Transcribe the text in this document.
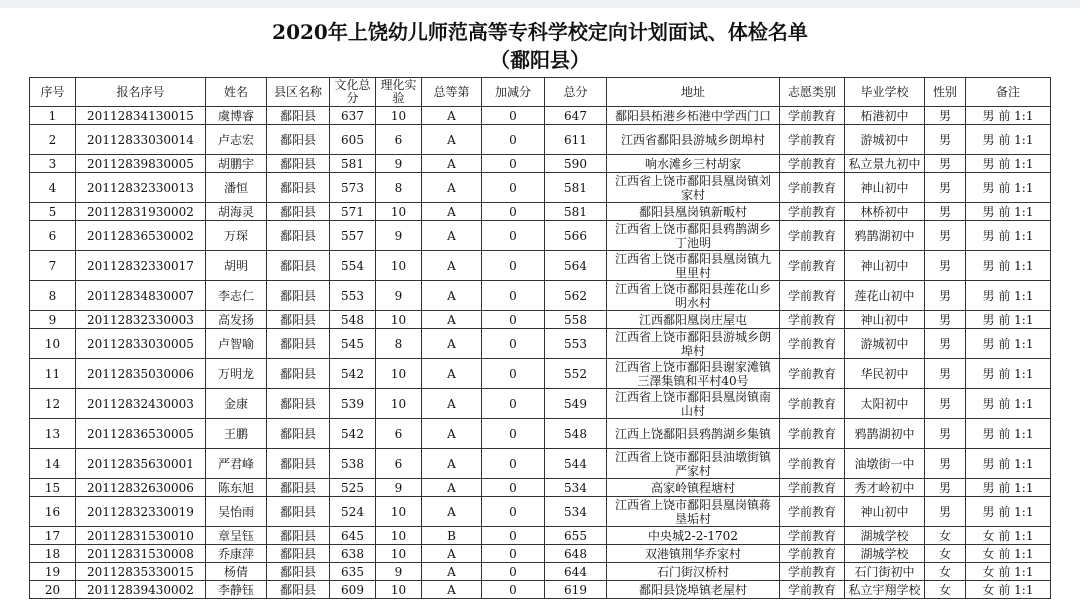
2020年上饶幼儿师范高等专科学校定向计划面试、体检名单
（鄱阳县）
序号	报名序号	姓名	县区名称	文化总分	理化实验	总等第	加减分	总分	地址	志愿类别	毕业学校	性别	备注
1	20112834130015	虞博睿	鄱阳县	637	10	A	0	647	鄱阳县柘港乡柘港中学西门口	学前教育	柘港初中	男	男 前 1:1
2	20112833030014	卢志宏	鄱阳县	605	6	A	0	611	江西省鄱阳县游城乡朗埠村	学前教育	游城初中	男	男 前 1:1
3	20112839830005	胡鹏宇	鄱阳县	581	9	A	0	590	响水滩乡三村胡家	学前教育	私立景九初中	男	男 前 1:1
4	20112832330013	潘恒	鄱阳县	573	8	A	0	581	江西省上饶市鄱阳县凰岗镇刘家村	学前教育	神山初中	男	男 前 1:1
5	20112831930002	胡海灵	鄱阳县	571	10	A	0	581	鄱阳县凰岗镇新畈村	学前教育	林桥初中	男	男 前 1:1
6	20112836530002	万琛	鄱阳县	557	9	A	0	566	江西省上饶市鄱阳县鸦鹊湖乡丁池明	学前教育	鸦鹊湖初中	男	男 前 1:1
7	20112832330017	胡明	鄱阳县	554	10	A	0	564	江西省上饶市鄱阳县凰岗镇九里里村	学前教育	神山初中	男	男 前 1:1
8	20112834830007	李志仁	鄱阳县	553	9	A	0	562	江西省上饶市鄱阳县莲花山乡明水村	学前教育	莲花山初中	男	男 前 1:1
9	20112832330003	高发扬	鄱阳县	548	10	A	0	558	江西鄱阳凰岗庄屋屯	学前教育	神山初中	男	男 前 1:1
10	20112833030005	卢智喻	鄱阳县	545	8	A	0	553	江西省上饶市鄱阳县游城乡朗埠村	学前教育	游城初中	男	男 前 1:1
11	20112835030006	万明龙	鄱阳县	542	10	A	0	552	江西省上饶市鄱阳县谢家滩镇三澤集镇和平村40号	学前教育	华民初中	男	男 前 1:1
12	20112832430003	金康	鄱阳县	539	10	A	0	549	江西省上饶市鄱阳县凰岗镇南山村	学前教育	太阳初中	男	男 前 1:1
13	20112836530005	王鹏	鄱阳县	542	6	A	0	548	江西上饶鄱阳县鸦鹊湖乡集镇	学前教育	鸦鹊湖初中	男	男 前 1:1
14	20112835630001	严君峰	鄱阳县	538	6	A	0	544	江西省上饶市鄱阳县油墩街镇严家村	学前教育	油墩街一中	男	男 前 1:1
15	20112832630006	陈东旭	鄱阳县	525	9	A	0	534	高家岭镇程塘村	学前教育	秀才岭初中	男	男 前 1:1
16	20112832330019	吴怡雨	鄱阳县	524	10	A	0	534	江西省上饶市鄱阳县凰岗镇蒋垦垢村	学前教育	神山初中	男	男 前 1:1
17	20112831530010	章呈钰	鄱阳县	645	10	B	0	655	中央城2-2-1702	学前教育	湖城学校	女	女 前 1:1
18	20112831530008	乔康萍	鄱阳县	638	10	A	0	648	双港镇荆华乔家村	学前教育	湖城学校	女	女 前 1:1
19	20112835330015	杨倩	鄱阳县	635	9	A	0	644	石门街汉桥村	学前教育	石门街初中	女	女 前 1:1
20	20112839430002	李静钰	鄱阳县	609	10	A	0	619	鄱阳县饶埠镇老屋村	学前教育	私立宇翔学校	女	女 前 1:1
